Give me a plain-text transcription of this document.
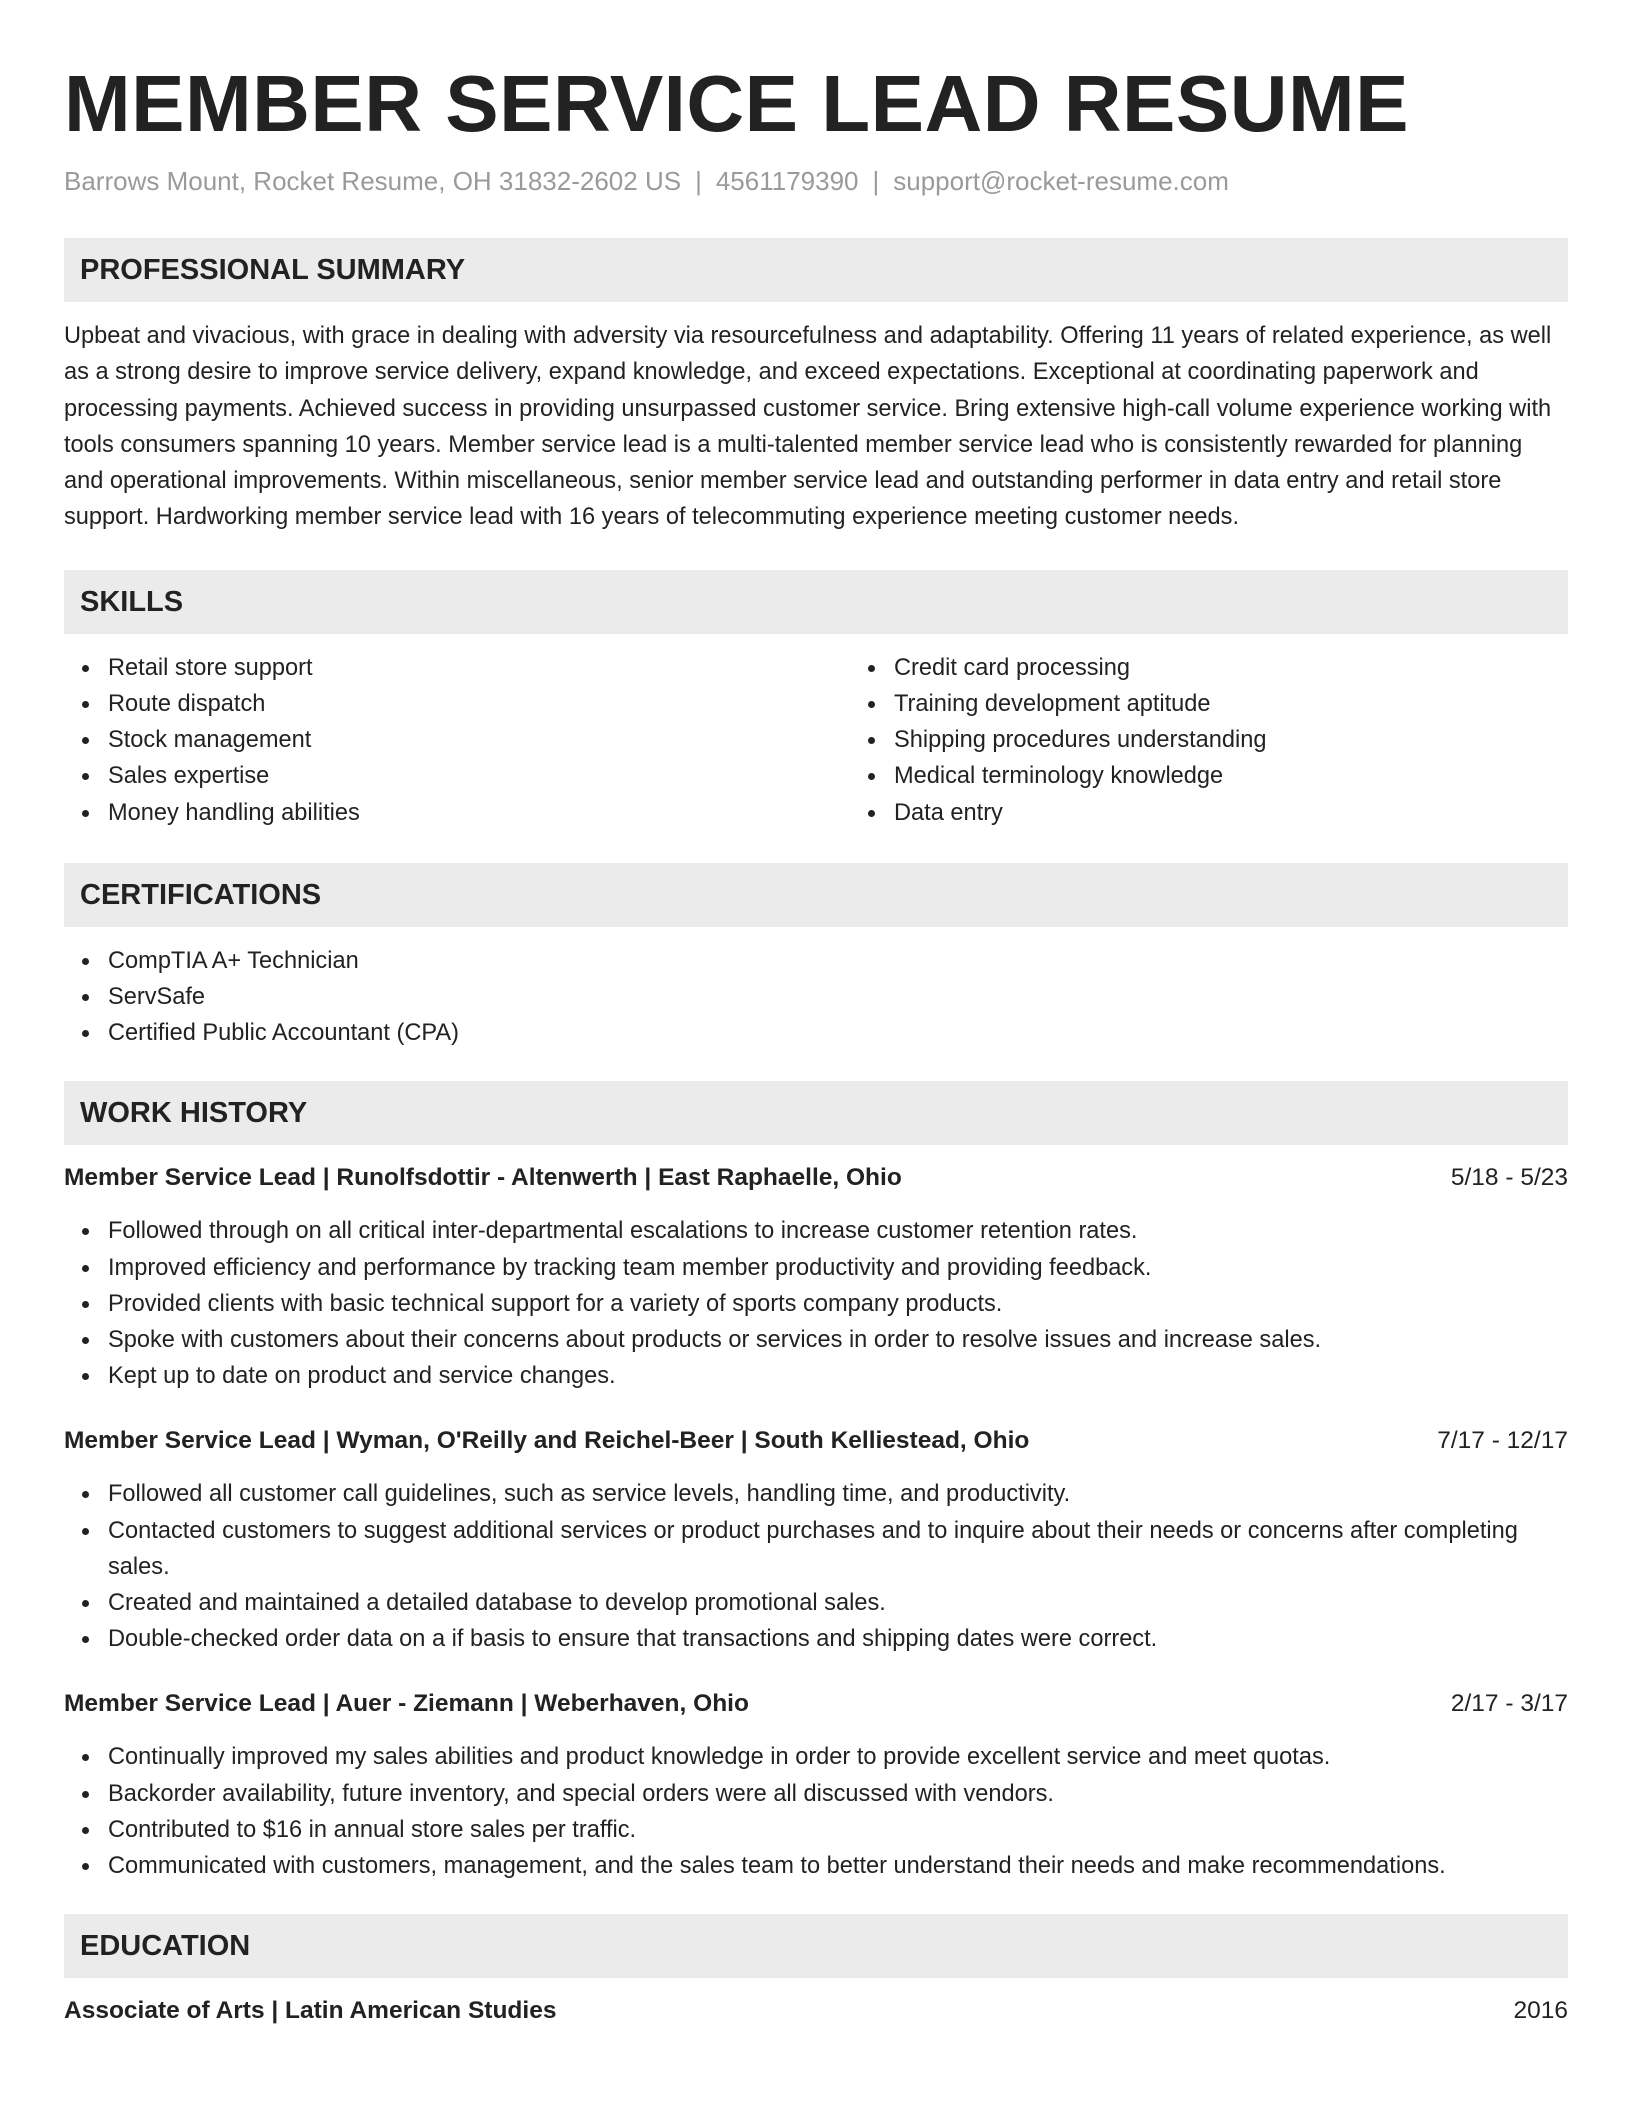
MEMBER SERVICE LEAD RESUME
Barrows Mount, Rocket Resume, OH 31832-2602 US | 4561179390 | support@rocket-resume.com
PROFESSIONAL SUMMARY

Upbeat and vivacious, with grace in dealing with adversity via resourcefulness and adaptability. Offering 11 years of related experience, as well as a strong desire to improve service delivery, expand knowledge, and exceed expectations. Exceptional at coordinating paperwork and processing payments. Achieved success in providing unsurpassed customer service. Bring extensive high-call volume experience working with tools consumers spanning 10 years. Member service lead is a multi-talented member service lead who is consistently rewarded for planning and operational improvements. Within miscellaneous, senior member service lead and outstanding performer in data entry and retail store support. Hardworking member service lead with 16 years of telecommuting experience meeting customer needs.

SKILLS
Retail store support
Route dispatch
Stock management
Sales expertise
Money handling abilities
Credit card processing
Training development aptitude
Shipping procedures understanding
Medical terminology knowledge
Data entry
CERTIFICATIONS
CompTIA A+ Technician
ServSafe
Certified Public Accountant (CPA)
WORK HISTORY
Member Service Lead | Runolfsdottir - Altenwerth | East Raphaelle, Ohio	5/18 - 5/23
Followed through on all critical inter-departmental escalations to increase customer retention rates.
Improved efficiency and performance by tracking team member productivity and providing feedback.
Provided clients with basic technical support for a variety of sports company products.
Spoke with customers about their concerns about products or services in order to resolve issues and increase sales.
Kept up to date on product and service changes.
Member Service Lead | Wyman, O'Reilly and Reichel-Beer | South Kelliestead, Ohio	7/17 - 12/17
Followed all customer call guidelines, such as service levels, handling time, and productivity.
Contacted customers to suggest additional services or product purchases and to inquire about their needs or concerns after completing sales.
Created and maintained a detailed database to develop promotional sales.
Double-checked order data on a if basis to ensure that transactions and shipping dates were correct.
Member Service Lead | Auer - Ziemann | Weberhaven, Ohio	2/17 - 3/17
Continually improved my sales abilities and product knowledge in order to provide excellent service and meet quotas.
Backorder availability, future inventory, and special orders were all discussed with vendors.
Contributed to $16 in annual store sales per traffic.
Communicated with customers, management, and the sales team to better understand their needs and make recommendations.
EDUCATION
Associate of Arts | Latin American Studies	2016
